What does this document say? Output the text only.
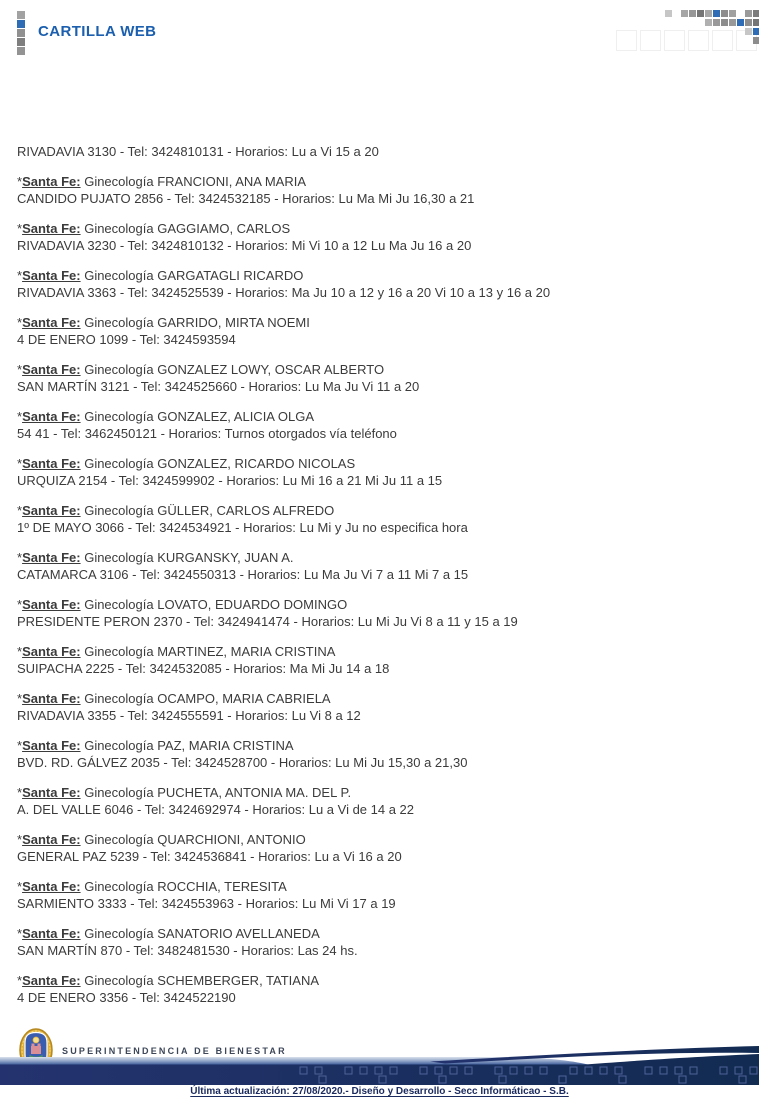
CARTILLA WEB

RIVADAVIA 3130 - Tel: 3424810131 - Horarios: Lu a Vi 15 a 20

*Santa Fe: Ginecología FRANCIONI, ANA MARIA

CANDIDO PUJATO 2856 - Tel: 3424532185 - Horarios: Lu Ma Mi Ju 16,30 a 21

*Santa Fe: Ginecología GAGGIAMO, CARLOS

RIVADAVIA 3230 - Tel: 3424810132 - Horarios: Mi Vi 10 a 12 Lu Ma Ju 16 a 20

*Santa Fe: Ginecología GARGATAGLI RICARDO

RIVADAVIA 3363 - Tel: 3424525539 - Horarios: Ma Ju 10 a 12 y 16 a 20 Vi 10 a 13 y 16 a 20

*Santa Fe: Ginecología GARRIDO, MIRTA NOEMI

4 DE ENERO 1099 - Tel: 3424593594

*Santa Fe: Ginecología GONZALEZ LOWY, OSCAR ALBERTO

SAN MARTÍN 3121 - Tel: 3424525660 - Horarios: Lu Ma Ju Vi 11 a 20

*Santa Fe: Ginecología GONZALEZ, ALICIA OLGA

54 41 - Tel: 3462450121 - Horarios: Turnos otorgados vía teléfono

*Santa Fe: Ginecología GONZALEZ, RICARDO NICOLAS

URQUIZA 2154 - Tel: 3424599902 - Horarios: Lu Mi 16 a 21 Mi Ju 11 a 15

*Santa Fe: Ginecología GÜLLER, CARLOS ALFREDO

1º DE MAYO 3066 - Tel: 3424534921 - Horarios: Lu Mi y Ju no especifica hora

*Santa Fe: Ginecología KURGANSKY, JUAN A.

CATAMARCA 3106 - Tel: 3424550313 - Horarios: Lu Ma Ju Vi 7 a 11 Mi 7 a 15

*Santa Fe: Ginecología LOVATO, EDUARDO DOMINGO

PRESIDENTE PERON 2370 - Tel: 3424941474 - Horarios: Lu Mi Ju Vi 8 a 11 y 15 a 19

*Santa Fe: Ginecología MARTINEZ, MARIA CRISTINA

SUIPACHA 2225 - Tel: 3424532085 - Horarios: Ma Mi Ju 14 a 18

*Santa Fe: Ginecología OCAMPO, MARIA CABRIELA

RIVADAVIA 3355 - Tel: 3424555591 - Horarios: Lu Vi 8 a 12

*Santa Fe: Ginecología PAZ, MARIA CRISTINA

BVD. RD. GÁLVEZ 2035 - Tel: 3424528700 - Horarios: Lu Mi Ju 15,30 a 21,30

*Santa Fe: Ginecología PUCHETA, ANTONIA MA. DEL P.

A. DEL VALLE 6046 - Tel: 3424692974 - Horarios: Lu a Vi de 14 a 22

*Santa Fe: Ginecología QUARCHIONI, ANTONIO

GENERAL PAZ 5239 - Tel: 3424536841 - Horarios: Lu a Vi 16 a 20

*Santa Fe: Ginecología ROCCHIA, TERESITA

SARMIENTO 3333 - Tel: 3424553963 - Horarios: Lu Mi Vi 17 a 19

*Santa Fe: Ginecología SANATORIO AVELLANEDA

SAN MARTÍN 870 - Tel: 3482481530 - Horarios: Las 24 hs.

*Santa Fe: Ginecología SCHEMBERGER, TATIANA

4 DE ENERO 3356 - Tel: 3424522190

SUPERINTENDENCIA DE BIENESTAR
Última actualización: 27/08/2020.- Diseño y Desarrollo - Secc Informáticao - S.B.
